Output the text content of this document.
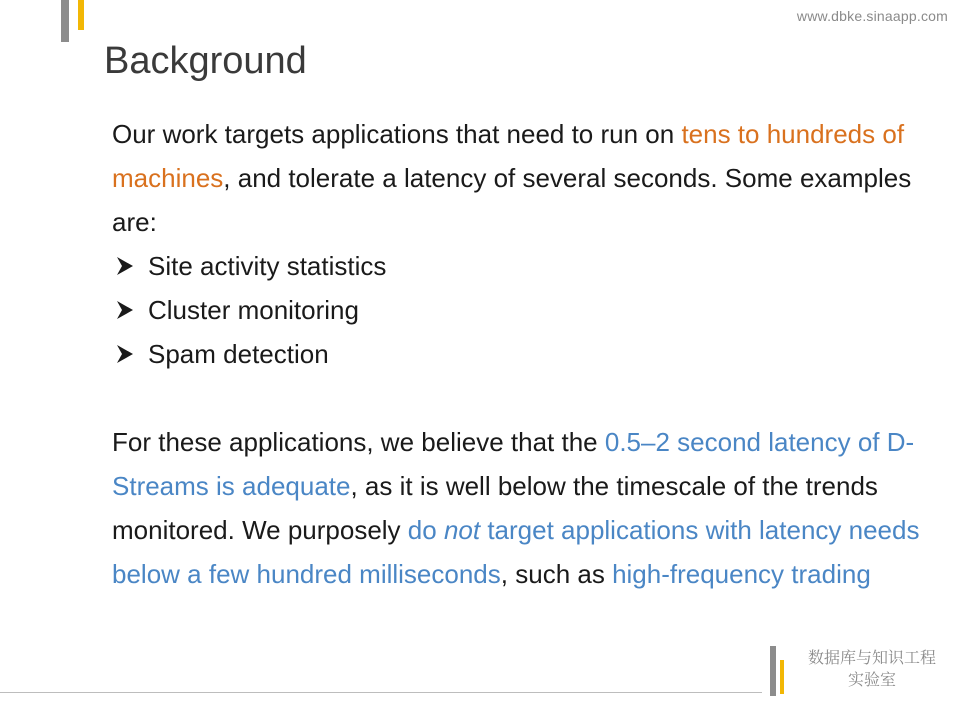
www.dbke.sinaapp.com
Background

Our work targets applications that need to run on tens to hundreds of machines, and tolerate a latency of several seconds. Some examples are:

Site activity statistics
Cluster monitoring
Spam detection

For these applications, we believe that the 0.5–2 second latency of D-Streams is adequate, as it is well below the timescale of the trends monitored. We purposely do not target applications with latency needs below a few hundred milliseconds, such as high-frequency trading

数据库与知识工程
实验室
